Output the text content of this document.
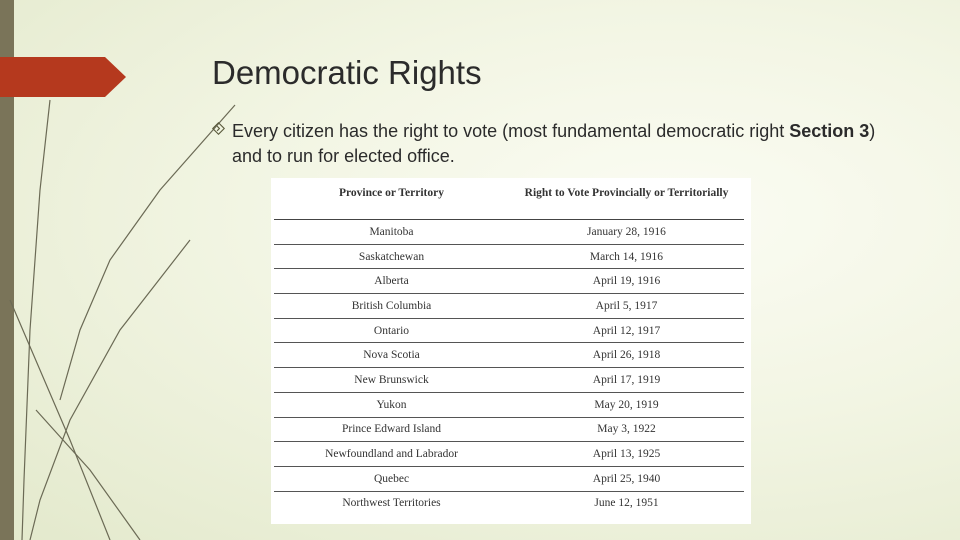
Democratic Rights
Every citizen has the right to vote (most fundamental democratic right Section 3) and to run for elected office.
Province or Territory	Right to Vote Provincially or Territorially
Manitoba	January 28, 1916
Saskatchewan	March 14, 1916
Alberta	April 19, 1916
British Columbia	April 5, 1917
Ontario	April 12, 1917
Nova Scotia	April 26, 1918
New Brunswick	April 17, 1919
Yukon	May 20, 1919
Prince Edward Island	May 3, 1922
Newfoundland and Labrador	April 13, 1925
Quebec	April 25, 1940
Northwest Territories	June 12, 1951
